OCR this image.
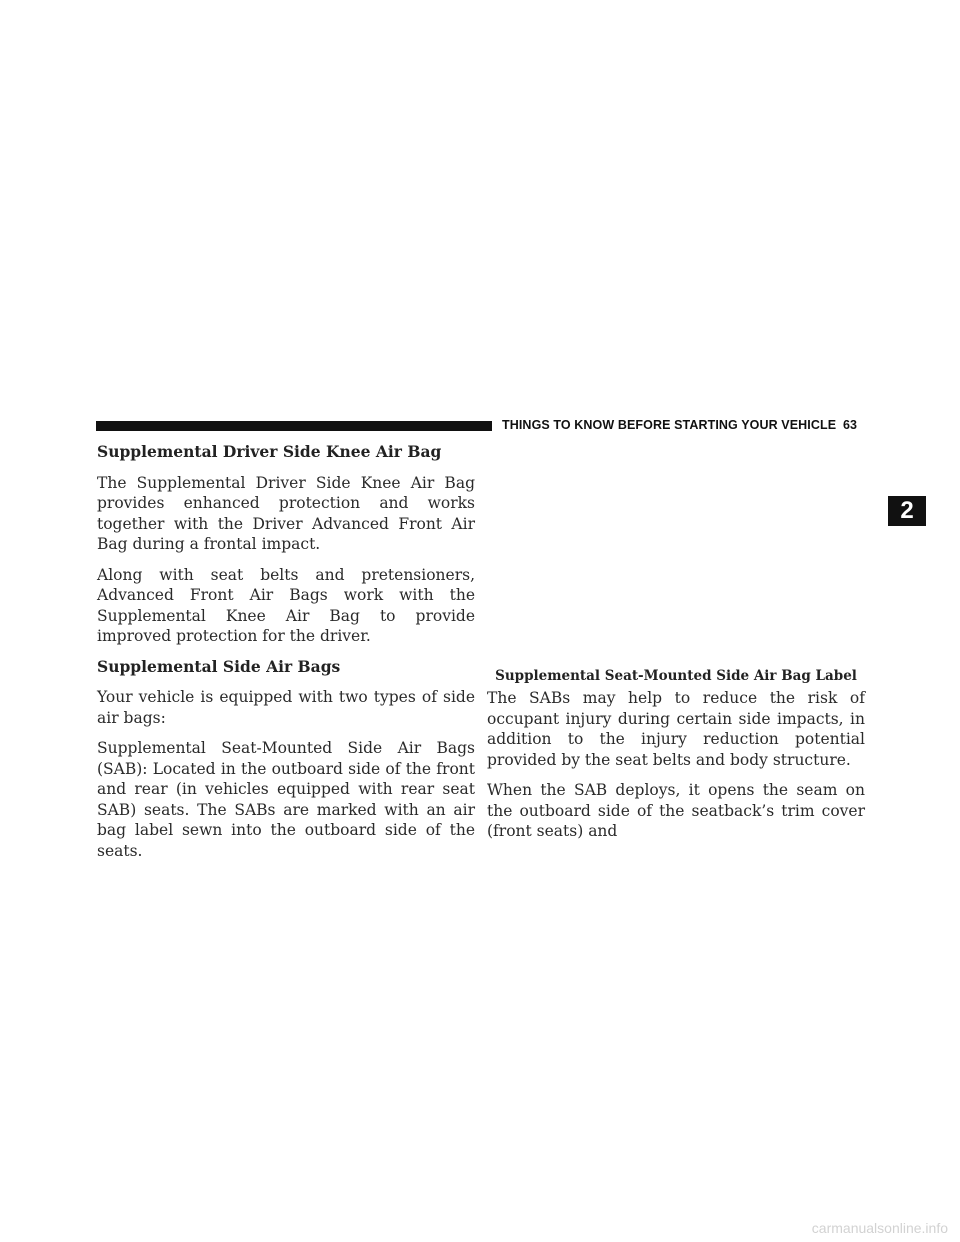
THINGS TO KNOW BEFORE STARTING YOUR VEHICLE 63
2
Supplemental Driver Side Knee Air Bag

The Supplemental Driver Side Knee Air Bag provides enhanced protection and works together with the Driver Advanced Front Air Bag during a frontal impact.

Along with seat belts and pretensioners, Advanced Front Air Bags work with the Supplemental Knee Air Bag to provide improved protection for the driver.

Supplemental Side Air Bags

Your vehicle is equipped with two types of side air bags:

Supplemental Seat-Mounted Side Air Bags (SAB): Located in the outboard side of the front and rear (in vehicles equipped with rear seat SAB) seats. The SABs are marked with an air bag label sewn into the outboard side of the seats.

Supplemental Seat-Mounted Side Air Bag Label

The SABs may help to reduce the risk of occupant injury during certain side impacts, in addition to the injury reduction potential provided by the seat belts and body structure.

When the SAB deploys, it opens the seam on the outboard side of the seatback’s trim cover (front seats) and

carmanualsonline.info
